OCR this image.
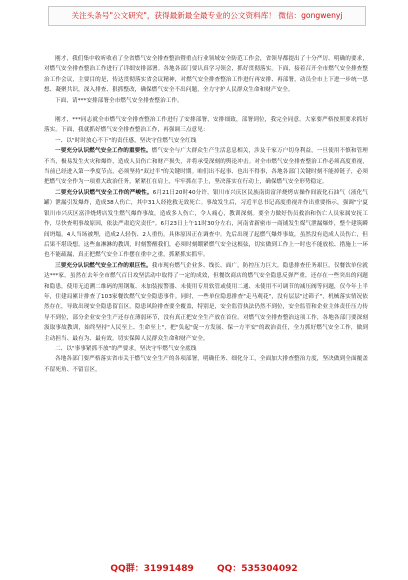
关注头条号"公文研究"，获得最新最全最专业的公文资料库！ 微信：gongwenyj

刚才，我们集中收听收看了全省燃气安全排查整治暨重点行业领域安全防范工作会，省领导都提出了十分严厉、明确的要求，对燃气安全排查整治工作进行了详细安排部署。各地各部门要认真学习领会，抓好贯彻落实。下面，接着召开全市燃气安全排查整治工作会议，主要目的是，传达贯彻落实省会议精神，对燃气安全排查整治工作进行再安排、再部署，动员全市上下进一步统一思想、凝聚共识，深入排查、狠抓整改，确保燃气安全不出问题，全力守护人民群众生命和财产安全。

下面，请***安排部署全市燃气安全排查整治工作。

刚才，***同志就全市燃气安全排查整治工作进行了安排部署，安排细致，部署到位，我完全同意。大家要严格按照要求抓好落实。下面，我就抓好燃气安全排查整治工作，再强调三点意见：

一、以"时时放心不下"的责任感，坚决守住燃气安全红线

一要充分认识燃气安全工作的重要性。燃气安全与广大群众生产生活息息相关，涉及千家万户切身利益，一旦使用不慎和管理不当，极易发生火灾和爆炸，造成人员伤亡和财产损失，并将承受深刻的舆论冲击。对全市燃气安全排查整治工作必须高度重视，当前已经进入第一季度节点，必须坚持"双过半"的关键时期。咱们出不起事、也出不得事，各地各部门关键时刻不能掉链子，必须把燃气安全作为一项重大政治任务，紧紧扛在肩上，牢牢抓在手上，坚决落实在行动上，确保燃气安全形势稳定。

二要充分认识燃气安全工作的严峻性。6月21日20时40分许，银川市兴庆区民族南街富洋烧烤店操作间液化石油气（液化气罐）泄漏引发爆炸，造成38人伤亡，其中31人经抢救无效死亡。事故发生后，习近平总书记高度重视并作出重要指示，强调"宁夏银川市兴庆区富洋烧烤店发生燃气爆炸事故，造成多人伤亡，令人痛心，教训深刻。要全力做好伤员救治和伤亡人员家属安抚工作，尽快查明事故原因，依法严肃追究责任"。6月23日上午11时30分左右，河南省新密市一商铺发生煤气泄漏爆炸，整个建筑瞬间坍塌，4人当场被埋，造成2人轻伤、2人重伤，具体原因正在调查中。先后出现了起燃气爆炸事故，虽然没有造成人员伤亡，但后果不堪设想。这些血淋淋的教训，时刻警醒我们，必须时刻绷紧燃气安全这根弦，切实做到工作上一时也不能放松、措施上一环也不能疏漏，真正把燃气安全工作摆在重中之重，抓紧抓实抓牢。

三要充分认识燃气安全工作的艰巨性。我市现有燃气企业多、线长、面广，防控压力巨大，隐患排查任务艰巨。仅餐饮单位就达***家，虽然在去年全市燃气百日攻坚活动中取得了一定的成效，但餐饮商店的燃气安全隐患反弹严重，还存在一些突出的问题和隐患，使用无追溯二维码的黑钢瓶、未加装报警器、未使用专用软管或使用二通、未使用不可调节的减压阀等问题，仅今年上半年，住建局累计排查了103家餐饮燃气安全隐患事件。同时，一些单位隐患排查"走马观花"，没有层层"过筛子"，机械落实情况依然存在，导致出现安全隐患留盲区。隐患风险排查要全覆盖，特别是，安全监管执法仍然不到位，安全监管和企业主体责任压力传导不到位，部分企业安全生产还存在薄弱环节，没有真正把安全生产放在首位。对燃气安全排查整治这项工作，各地各部门要深刻汲取事故教训，始终坚持"人民至上、生命至上"，把"负起"促一方发展、保一方平安"的政治责任，全力抓好燃气安全工作，做到主动担当、最有为、最有效。切实保障人民群众生命和财产安全。

二、以"事事紧抓不放"的严要求，坚决守牢燃气安全底线

各地各部门要严格落实省市关于燃气安全生产的各项部署，明确任务、细化分工，全面加大排查整治力度，坚决做到全面覆盖不留死角、不留盲区。

QQ群：31991489	QQ：535304092
